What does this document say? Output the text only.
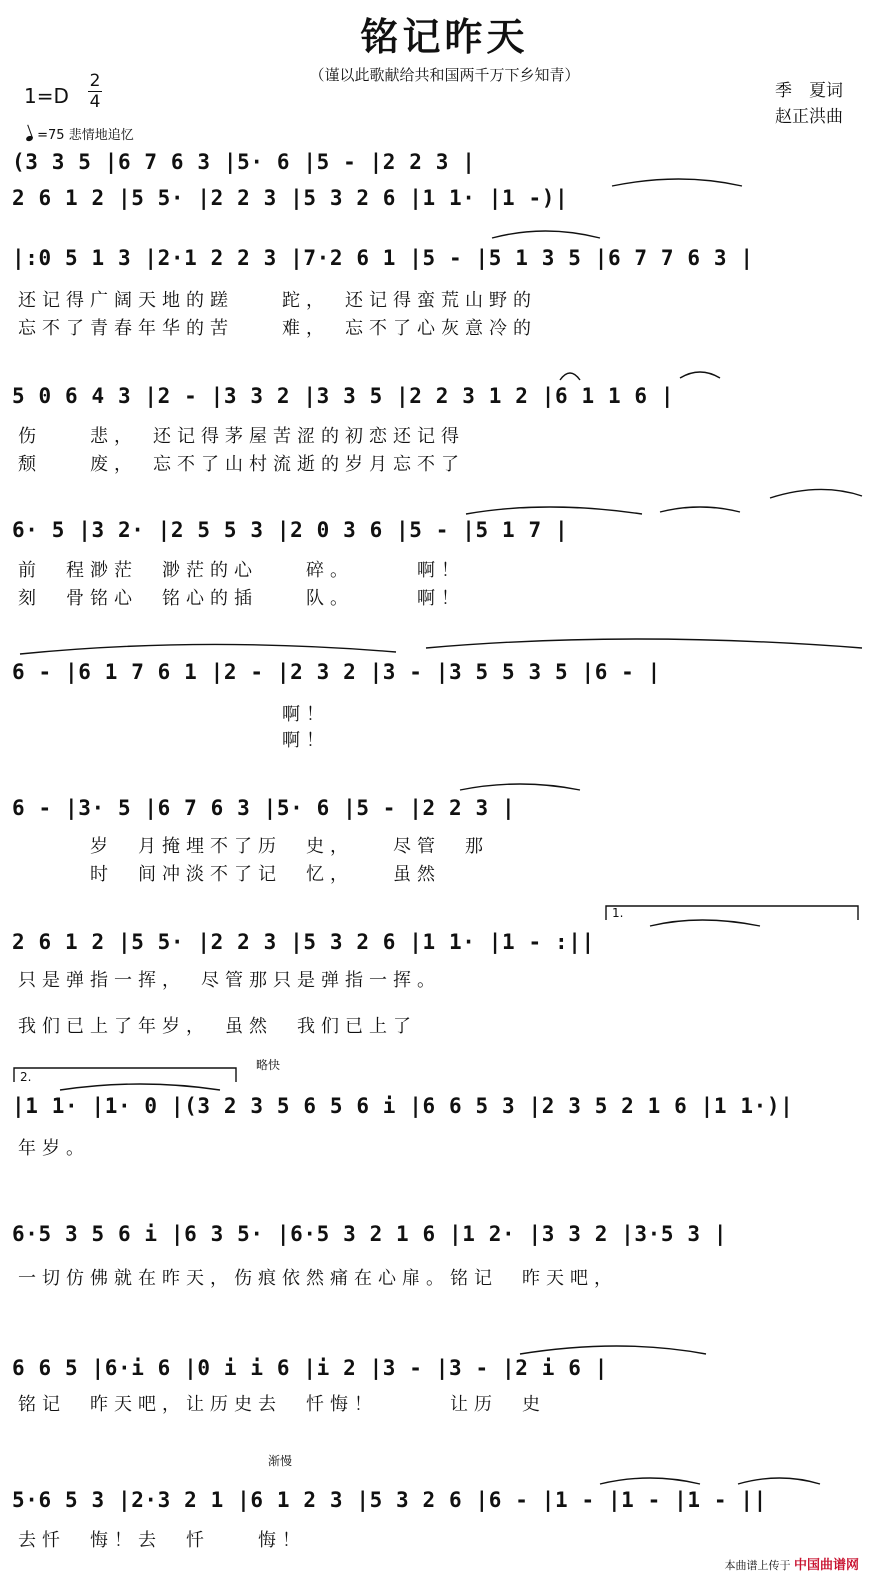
铭记昨天
（谨以此歌献给共和国两千万下乡知青）
1=D
2
4
季　夏词
赵正洪曲
=75 悲情地追忆
(3 3 5 |6 7 6 3 |5· 6 |5 - |2 2 3 |
2 6 1 2 |5 5· |2 2 3 |5 3 2 6 |1 1· |1 -)|
|:0 5 1 3 |2·1 2 2 3 |7·2 6 1 |5 - |5 1 3 5 |6 7 7 6 3 |
还记得广阔天地的蹉　　跎，　还记得蛮荒山野的
忘不了青春年华的苦　　难，　忘不了心灰意冷的
5 0 6 4 3 |2 - |3 3 2 |3 3 5 |2 2 3 1 2 |6 1 1 6 |
伤　　悲，　还记得茅屋苦涩的初恋还记得
颓　　废，　忘不了山村流逝的岁月忘不了
6· 5 |3 2· |2 5 5 3 |2 0 3 6 |5 - |5 1 7 |
前　程渺茫　渺茫的心　　碎。　　　啊！
刻　骨铭心　铭心的插　　队。　　　啊！
6 - |6 1 7 6 1 |2 - |2 3 2 |3 - |3 5 5 3 5 |6 - |
　　　　　　　　　　　啊！
　　　　　　　　　　　啊！
6 - |3· 5 |6 7 6 3 |5· 6 |5 - |2 2 3 |
　　　岁　月掩埋不了历　史，　　尽管　那
　　　时　间冲淡不了记　忆，　　虽然
1.
2 6 1 2 |5 5· |2 2 3 |5 3 2 6 |1 1· |1 - :||
只是弹指一挥，　尽管那只是弹指一挥。
我们已上了年岁，　虽然　我们已上了
2.
略快
|1 1· |1· 0 |(3 2 3 5 6 5 6 i |6 6 5 3 |2 3 5 2 1 6 |1 1·)|
年岁。
6·5 3 5 6 i |6 3 5· |6·5 3 2 1 6 |1 2· |3 3 2 |3·5 3 |
一切仿佛就在昨天，伤痕依然痛在心扉。铭记　昨天吧，
6 6 5 |6·i 6 |0 i i 6 |i 2 |3 - |3 - |2 i 6 |
铭记　昨天吧，让历史去　忏悔！　　　让历　史
渐慢
5·6 5 3 |2·3 2 1 |6 1 2 3 |5 3 2 6 |6 - |1 - |1 - |1 - ||
去忏　悔！去　忏　　悔！
本曲谱上传于 中国曲谱网
